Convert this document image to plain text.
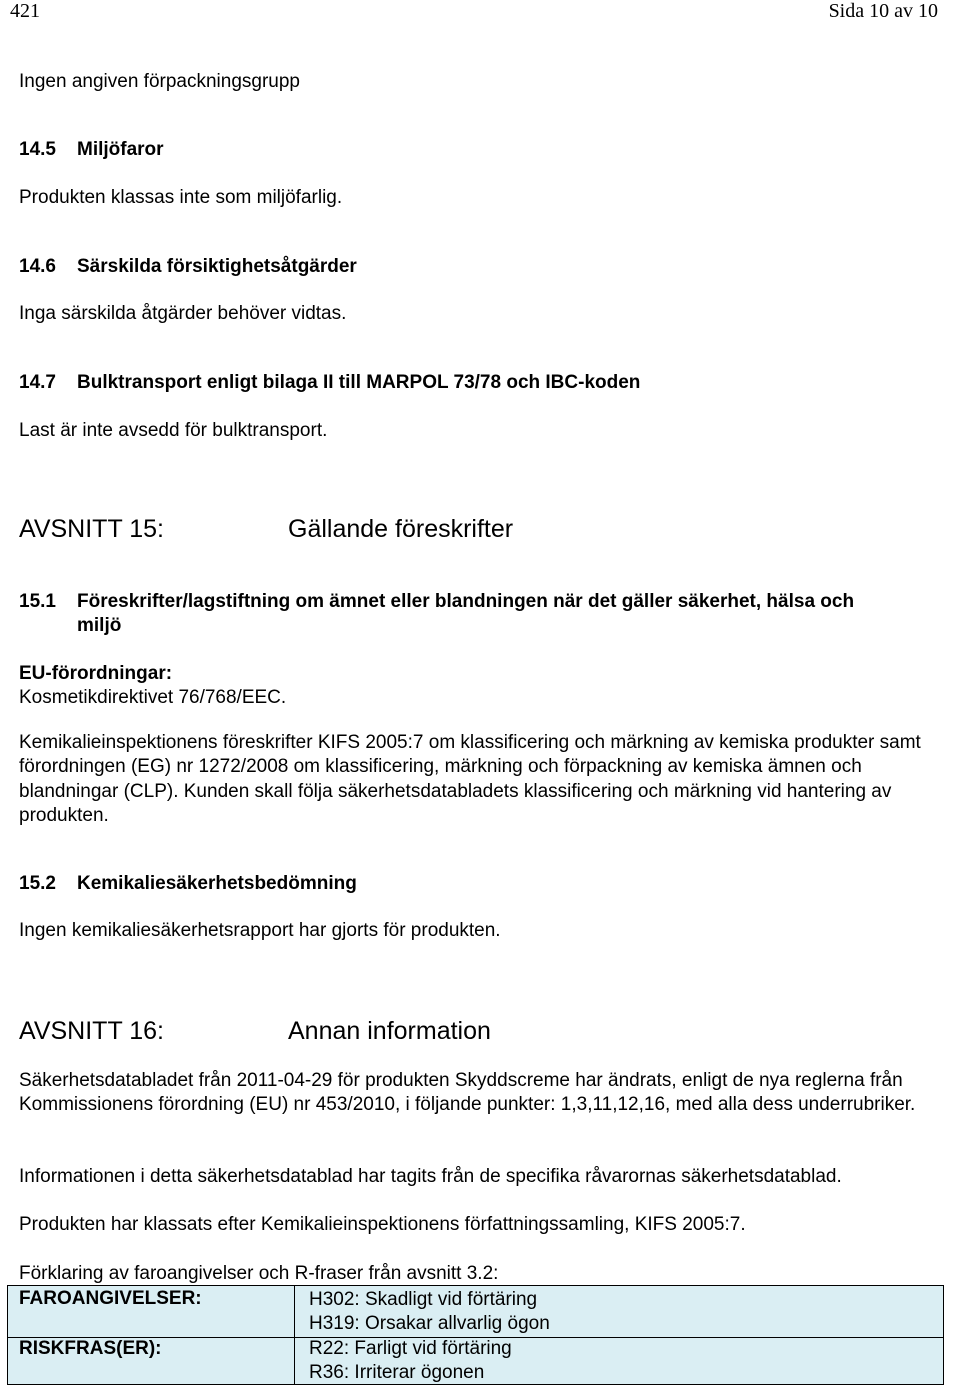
421	Sida 10 av 10
Ingen angiven förpackningsgrupp
14.5 Miljöfaror
Produkten klassas inte som miljöfarlig.
14.6 Särskilda försiktighetsåtgärder
Inga särskilda åtgärder behöver vidtas.
14.7 Bulktransport enligt bilaga II till MARPOL 73/78 och IBC-koden
Last är inte avsedd för bulktransport.
AVSNITT 15:	Gällande föreskrifter
15.1 Föreskrifter/lagstiftning om ämnet eller blandningen när det gäller säkerhet, hälsa och
miljö
EU-förordningar:
Kosmetikdirektivet 76/768/EEC.
Kemikalieinspektionens föreskrifter KIFS 2005:7 om klassificering och märkning av kemiska produkter samt förordningen (EG) nr 1272/2008 om klassificering, märkning och förpackning av kemiska ämnen och blandningar (CLP). Kunden skall följa säkerhetsdatabladets klassificering och märkning vid hantering av produkten.
15.2 Kemikaliesäkerhetsbedömning
Ingen kemikaliesäkerhetsrapport har gjorts för produkten.
AVSNITT 16:	Annan information
Säkerhetsdatabladet från 2011-04-29 för produkten Skyddscreme har ändrats, enligt de nya reglerna från Kommissionens förordning (EU) nr 453/2010, i följande punkter: 1,3,11,12,16, med alla dess underrubriker.
Informationen i detta säkerhetsdatablad har tagits från de specifika råvarornas säkerhetsdatablad.
Produkten har klassats efter Kemikalieinspektionens författningssamling, KIFS 2005:7.
Förklaring av faroangivelser och R-fraser från avsnitt 3.2:
FAROANGIVELSER:	H302: Skadligt vid förtäring
H319: Orsakar allvarlig ögon
RISKFRAS(ER):	R22: Farligt vid förtäring
R36: Irriterar ögonen
